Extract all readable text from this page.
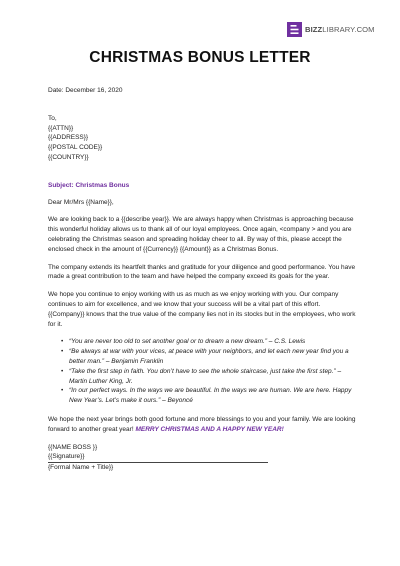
BIZZLIBRARY.COM
CHRISTMAS BONUS LETTER
Date: December 16, 2020
To,
{{ATTN}}
{{ADDRESS}}
{{POSTAL CODE}}
{{COUNTRY}}
Subject: Christmas Bonus

Dear Mr/Mrs {{Name}},

We are looking back to a {{describe year}}. We are always happy when Christmas is approaching because this wonderful holiday allows us to thank all of our loyal employees. Once again, <company > and you are celebrating the Christmas season and spreading holiday cheer to all. By way of this, please accept the enclosed check in the amount of {{Currency}} {{Amount}} as a Christmas Bonus.

The company extends its heartfelt thanks and gratitude for your diligence and good performance. You have made a great contribution to the team and have helped the company exceed its goals for the year.

We hope you continue to enjoy working with us as much as we enjoy working with you. Our company continues to aim for excellence, and we know that your success will be a vital part of this effort. {{Company}} knows that the true value of the company lies not in its stocks but in the employees, who work for it.

• “You are never too old to set another goal or to dream a new dream.” – C.S. Lewis
• “Be always at war with your vices, at peace with your neighbors, and let each new year find you a better man.” – Benjamin Franklin
• “Take the first step in faith. You don’t have to see the whole staircase, just take the first step.” – Martin Luther King, Jr.
• “In our perfect ways. In the ways we are beautiful. In the ways we are human. We are here. Happy New Year’s. Let’s make it ours.” – Beyoncé

We hope the next year brings both good fortune and more blessings to you and your family. We are looking forward to another great year! MERRY CHRISTMAS AND A HAPPY NEW YEAR!

{{NAME BOSS }}
{{Signature}}
{Formal Name + Title}}
